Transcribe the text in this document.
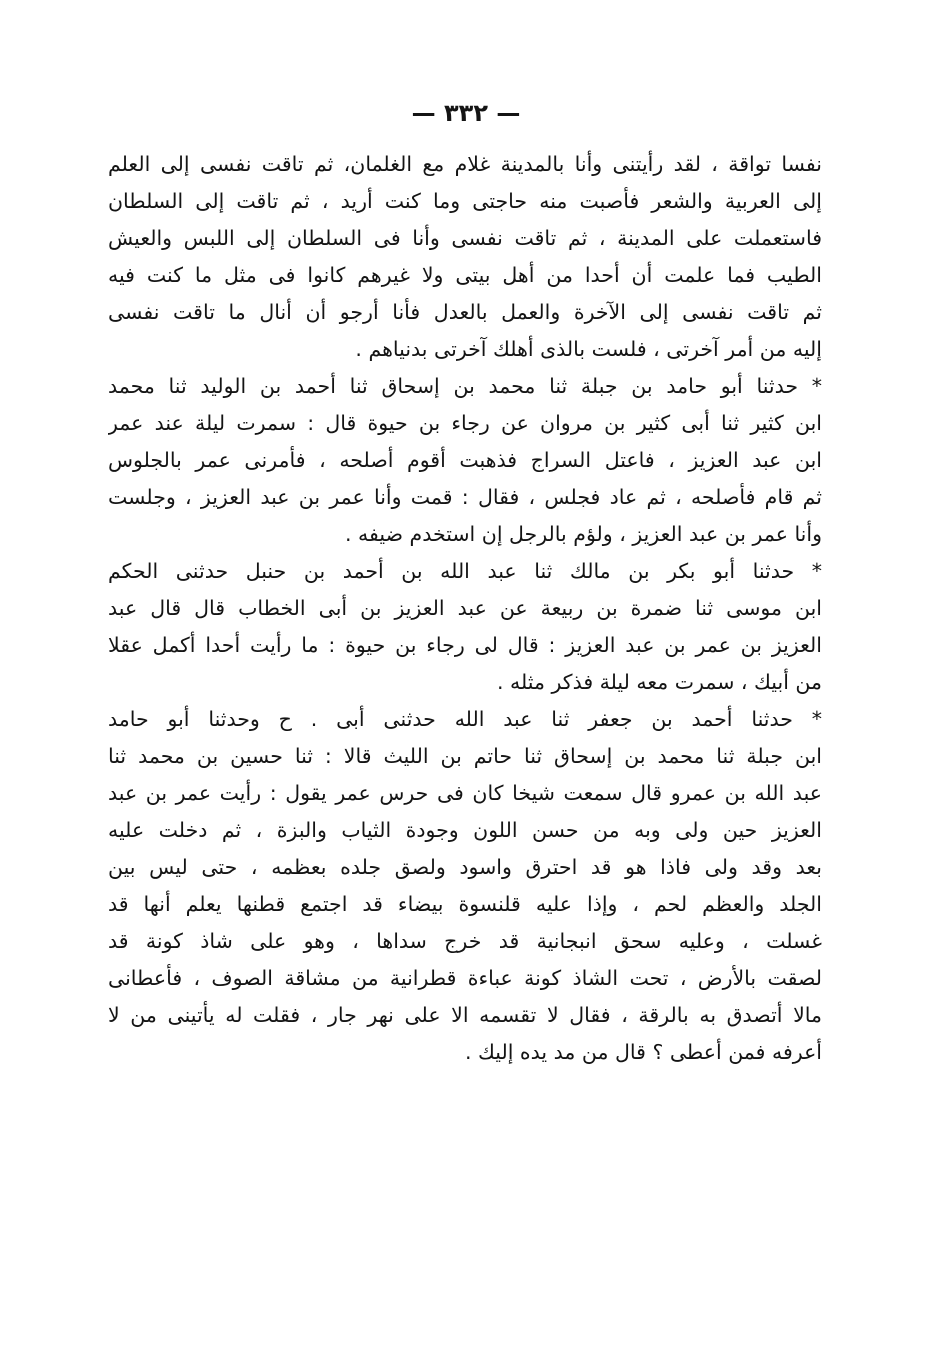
— ٣٣٢ —
نفسا تواقة ، لقد رأيتنى وأنا بالمدينة غلام مع الغلمان، ثم تاقت نفسى إلى العلم
إلى العربية والشعر فأصبت منه حاجتى وما كنت أريد ، ثم تاقت إلى السلطان
فاستعملت على المدينة ، ثم تاقت نفسى وأنا فى السلطان إلى اللبس والعيش
الطيب فما علمت أن أحدا من أهل بيتى ولا غيرهم كانوا فى مثل ما كنت فيه
ثم تاقت نفسى إلى الآخرة والعمل بالعدل فأنا أرجو أن أنال ما تاقت نفسى
إليه من أمر آخرتى ، فلست بالذى أهلك آخرتى بدنياهم .
* حدثنا أبو حامد بن جبلة ثنا محمد بن إسحاق ثنا أحمد بن الوليد ثنا محمد
ابن كثير ثنا أبى كثير بن مروان عن رجاء بن حيوة قال : سمرت ليلة عند عمر
ابن عبد العزيز ، فاعتل السراج فذهبت أقوم أصلحه ، فأمرنى عمر بالجلوس
ثم قام فأصلحه ، ثم عاد فجلس ، فقال : قمت وأنا عمر بن عبد العزيز ، وجلست
وأنا عمر بن عبد العزيز ، ولؤم بالرجل إن استخدم ضيفه .
* حدثنا أبو بكر بن مالك ثنا عبد الله بن أحمد بن حنبل حدثنى الحكم
ابن موسى ثنا ضمرة بن ربيعة عن عبد العزيز بن أبى الخطاب قال قال عبد
العزيز بن عمر بن عبد العزيز : قال لى رجاء بن حيوة : ما رأيت أحدا أكمل عقلا
من أبيك ، سمرت معه ليلة فذكر مثله .
* حدثنا أحمد بن جعفر ثنا عبد الله حدثنى أبى . ح وحدثنا أبو حامد
ابن جبلة ثنا محمد بن إسحاق ثنا حاتم بن الليث قالا : ثنا حسين بن محمد ثنا
عبد الله بن عمرو قال سمعت شيخا كان فى حرس عمر يقول : رأيت عمر بن عبد
العزيز حين ولى وبه من حسن اللون وجودة الثياب والبزة ، ثم دخلت عليه
بعد وقد ولى فاذا هو قد احترق واسود ولصق جلده بعظمه ، حتى ليس بين
الجلد والعظم لحم ، وإذا عليه قلنسوة بيضاء قد اجتمع قطنها يعلم أنها قد
غسلت ، وعليه سحق انبجانية قد خرج سداها ، وهو على شاذ كونة قد
لصقت بالأرض ، تحت الشاذ كونة عباءة قطرانية من مشاقة الصوف ، فأعطانى
مالا أتصدق به بالرقة ، فقال لا تقسمه الا على نهر جار ، فقلت له يأتينى من لا
أعرفه فمن أعطى ؟ قال من مد يده إليك .
